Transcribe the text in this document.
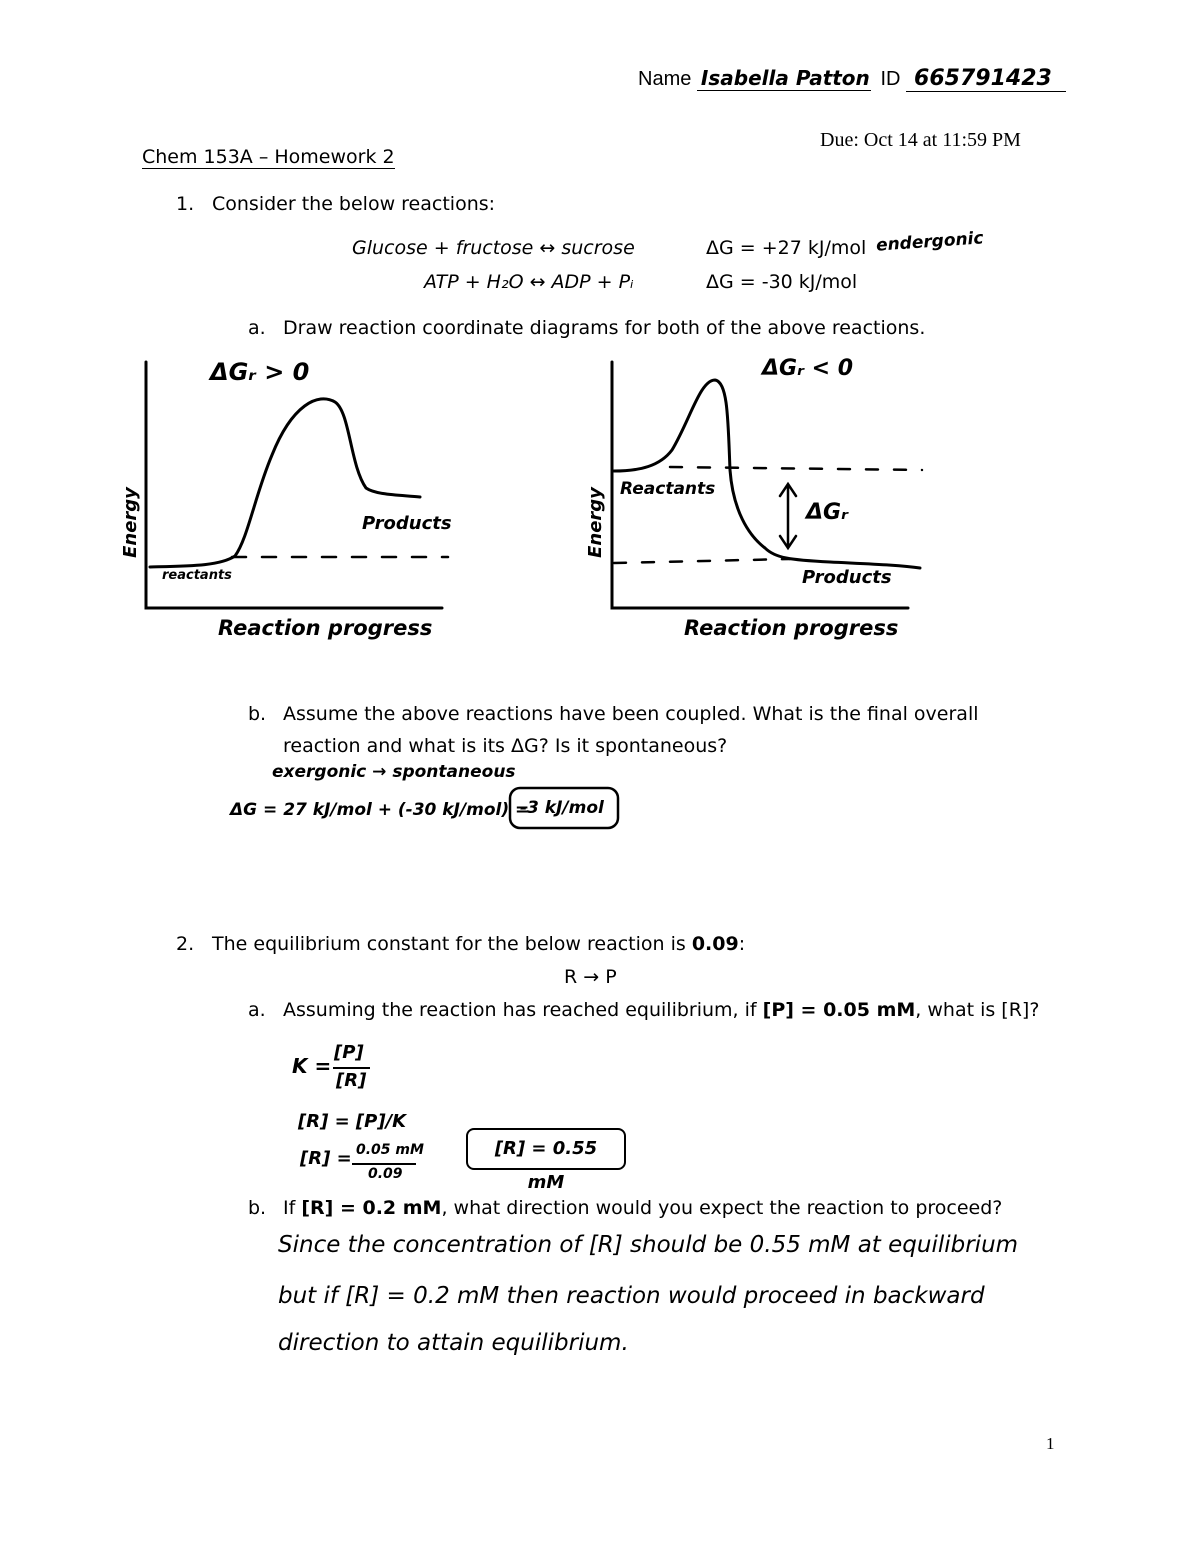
Name Isabella Patton ID 665791423
Due: Oct 14 at 11:59 PM
Chem 153A – Homework 2
1. Consider the below reactions:
Glucose + fructose ↔ sucrose	ΔG = +27 kJ/mol endergonic
ATP + H₂O ↔ ADP + Pᵢ	ΔG = -30 kJ/mol
a. Draw reaction coordinate diagrams for both of the above reactions.
ΔGᵣ > 0
Energy	Products
reactants
Reaction progress
ΔGᵣ < 0
Energy Reactants
ΔGᵣ
Products
Reaction progress
b. Assume the above reactions have been coupled. What is the final overall
reaction and what is its ΔG? Is it spontaneous?
exergonic → spontaneous
ΔG = 27 kJ/mol + (-30 kJ/mol) =
-3 kJ/mol
2. The equilibrium constant for the below reaction is 0.09:
R → P
a. Assuming the reaction has reached equilibrium, if [P] = 0.05 mM, what is [R]?
K =
[P]
[R]
[R] = [P]/K
[R] = 0.05 mM
0.09
[R] = 0.55 mM
b. If [R] = 0.2 mM, what direction would you expect the reaction to proceed?
Since the concentration of [R] should be 0.55 mM at equilibrium
but if [R] = 0.2 mM then reaction would proceed in backward
direction to attain equilibrium.
1
